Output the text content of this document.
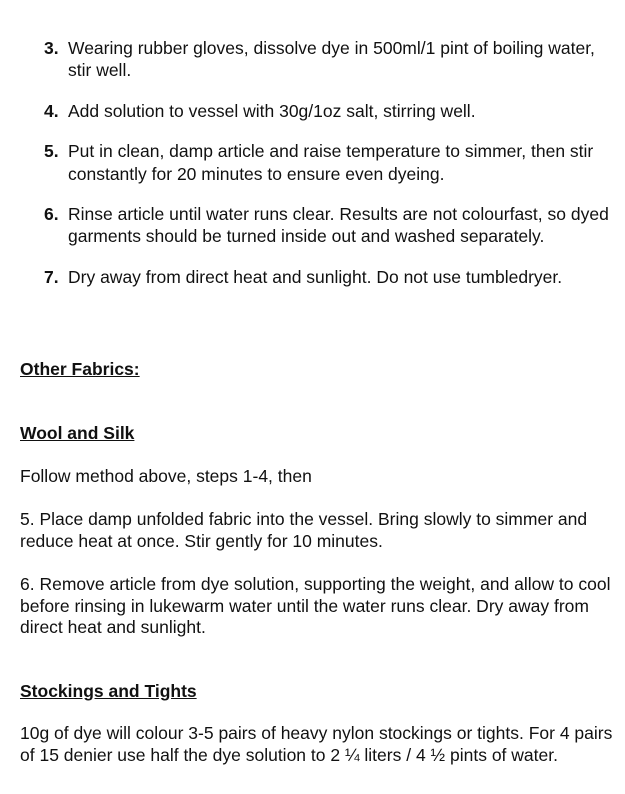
3. Wearing rubber gloves, dissolve dye in 500ml/1 pint of boiling water, stir well.
4. Add solution to vessel with 30g/1oz salt, stirring well.
5. Put in clean, damp article and raise temperature to simmer, then stir constantly for 20 minutes to ensure even dyeing.
6. Rinse article until water runs clear. Results are not colourfast, so dyed garments should be turned inside out and washed separately.
7. Dry away from direct heat and sunlight. Do not use tumbledryer.
Other Fabrics:
Wool and Silk
Follow method above, steps 1-4, then
5. Place damp unfolded fabric into the vessel. Bring slowly to simmer and reduce heat at once. Stir gently for 10 minutes.
6. Remove article from dye solution, supporting the weight, and allow to cool before rinsing in lukewarm water until the water runs clear. Dry away from direct heat and sunlight.
Stockings and Tights
10g of dye will colour 3-5 pairs of heavy nylon stockings or tights. For 4 pairs of 15 denier use half the dye solution to 2 ¼ liters / 4 ½ pints of water.
